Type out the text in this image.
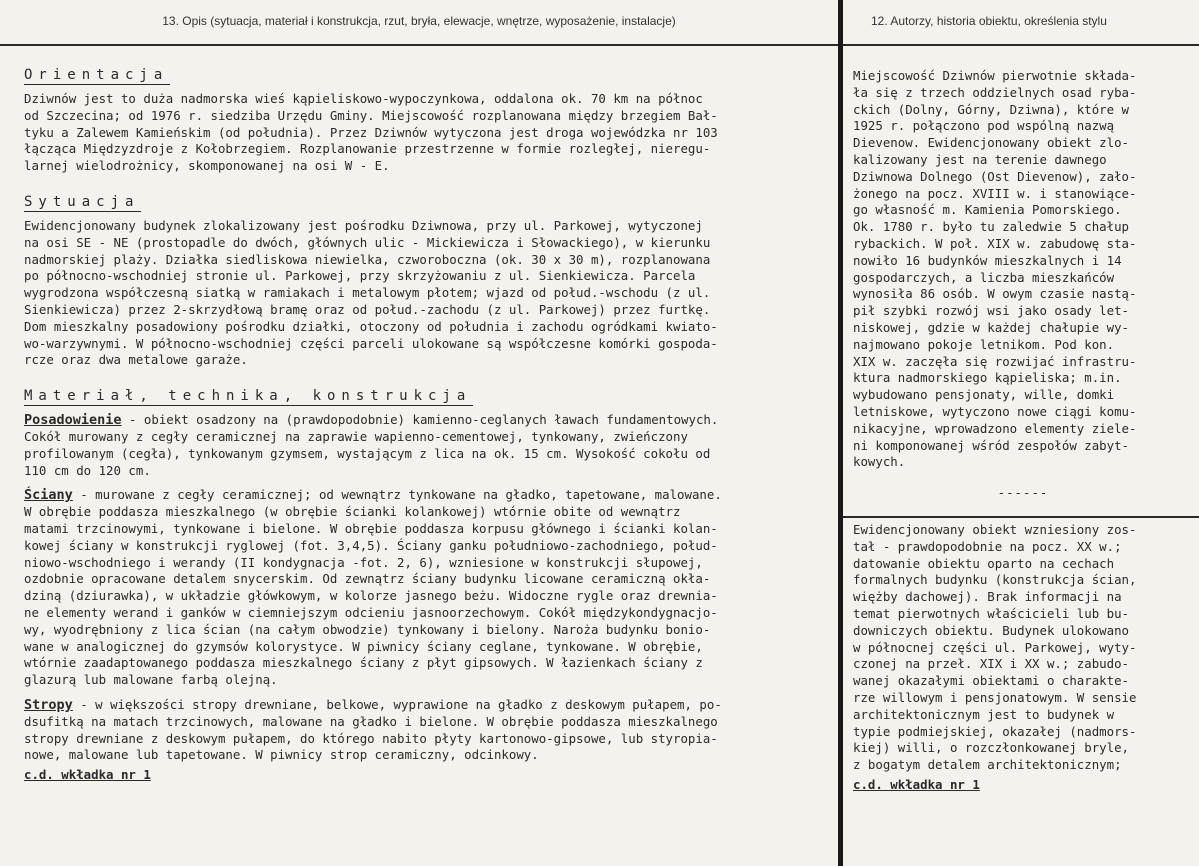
13. Opis (sytuacja, materiał i konstrukcja, rzut, bryła, elewacje, wnętrze, wyposażenie, instalacje)
Orientacja

Dziwnów jest to duża nadmorska wieś kąpieliskowo-wypoczynkowa, oddalona ok. 70 km na północ
od Szczecina; od 1976 r. siedziba Urzędu Gminy. Miejscowość rozplanowana między brzegiem Bał-
tyku a Zalewem Kamieńskim (od południa). Przez Dziwnów wytyczona jest droga wojewódzka nr 103
łącząca Międzyzdroje z Kołobrzegiem. Rozplanowanie przestrzenne w formie rozległej, nieregu-
larnej wielodrożnicy, skomponowanej na osi W - E.

Sytuacja

Ewidencjonowany budynek zlokalizowany jest pośrodku Dziwnowa, przy ul. Parkowej, wytyczonej
na osi SE - NE (prostopadle do dwóch, głównych ulic - Mickiewicza i Słowackiego), w kierunku
nadmorskiej plaży. Działka siedliskowa niewielka, czworoboczna (ok. 30 x 30 m), rozplanowana
po północno-wschodniej stronie ul. Parkowej, przy skrzyżowaniu z ul. Sienkiewicza. Parcela
wygrodzona współczesną siatką w ramiakach i metalowym płotem; wjazd od połud.-wschodu (z ul.
Sienkiewicza) przez 2-skrzydłową bramę oraz od połud.-zachodu (z ul. Parkowej) przez furtkę.
Dom mieszkalny posadowiony pośrodku działki, otoczony od południa i zachodu ogródkami kwiato-
wo-warzywnymi. W północno-wschodniej części parceli ulokowane są współczesne komórki gospoda-
rcze oraz dwa metalowe garaże.

Materiał, technika, konstrukcja

Posadowienie - obiekt osadzony na (prawdopodobnie) kamienno-ceglanych ławach fundamentowych.
Cokół murowany z cegły ceramicznej na zaprawie wapienno-cementowej, tynkowany, zwieńczony
profilowanym (cegła), tynkowanym gzymsem, wystającym z lica na ok. 15 cm. Wysokość cokołu od
110 cm do 120 cm.

Ściany - murowane z cegły ceramicznej; od wewnątrz tynkowane na gładko, tapetowane, malowane.
W obrębie poddasza mieszkalnego (w obrębie ścianki kolankowej) wtórnie obite od wewnątrz
matami trzcinowymi, tynkowane i bielone. W obrębie poddasza korpusu głównego i ścianki kolan-
kowej ściany w konstrukcji ryglowej (fot. 3,4,5). Ściany ganku południowo-zachodniego, połud-
niowo-wschodniego i werandy (II kondygnacja -fot. 2, 6), wzniesione w konstrukcji słupowej,
ozdobnie opracowane detalem snycerskim. Od zewnątrz ściany budynku licowane ceramiczną okła-
dziną (dziurawka), w układzie główkowym, w kolorze jasnego beżu. Widoczne rygle oraz drewnia-
ne elementy werand i ganków w ciemniejszym odcieniu jasnoorzechowym. Cokół międzykondygnacjo-
wy, wyodrębniony z lica ścian (na całym obwodzie) tynkowany i bielony. Naroża budynku bonio-
wane w analogicznej do gzymsów kolorystyce. W piwnicy ściany ceglane, tynkowane. W obrębie,
wtórnie zaadaptowanego poddasza mieszkalnego ściany z płyt gipsowych. W łazienkach ściany z
glazurą lub malowane farbą olejną.

Stropy - w większości stropy drewniane, belkowe, wyprawione na gładko z deskowym pułapem, po-
dsufitką na matach trzcinowych, malowane na gładko i bielone. W obrębie poddasza mieszkalnego
stropy drewniane z deskowym pułapem, do którego nabito płyty kartonowo-gipsowe, lub styropia-
nowe, malowane lub tapetowane. W piwnicy strop ceramiczny, odcinkowy.

c.d. wkładka nr 1
12. Autorzy, historia obiektu, określenia stylu

Miejscowość Dziwnów pierwotnie składa-
ła się z trzech oddzielnych osad ryba-
ckich (Dolny, Górny, Dziwna), które w
1925 r. połączono pod wspólną nazwą
Dievenow. Ewidencjonowany obiekt zlo-
kalizowany jest na terenie dawnego
Dziwnowa Dolnego (Ost Dievenow), zało-
żonego na pocz. XVIII w. i stanowiące-
go własność m. Kamienia Pomorskiego.
Ok. 1780 r. było tu zaledwie 5 chałup
rybackich. W poł. XIX w. zabudowę sta-
nowiło 16 budynków mieszkalnych i 14
gospodarczych, a liczba mieszkańców
wynosiła 86 osób. W owym czasie nastą-
pił szybki rozwój wsi jako osady let-
niskowej, gdzie w każdej chałupie wy-
najmowano pokoje letnikom. Pod kon.
XIX w. zaczęła się rozwijać infrastru-
ktura nadmorskiego kąpieliska; m.in.
wybudowano pensjonaty, wille, domki
letniskowe, wytyczono nowe ciągi komu-
nikacyjne, wprowadzono elementy ziele-
ni komponowanej wśród zespołów zabyt-
kowych.

------

Ewidencjonowany obiekt wzniesiony zos-
tał - prawdopodobnie na pocz. XX w.;
datowanie obiektu oparto na cechach
formalnych budynku (konstrukcja ścian,
więżby dachowej). Brak informacji na
temat pierwotnych właścicieli lub bu-
downiczych obiektu. Budynek ulokowano
w północnej części ul. Parkowej, wyty-
czonej na przeł. XIX i XX w.; zabudo-
wanej okazałymi obiektami o charakte-
rze willowym i pensjonatowym. W sensie
architektonicznym jest to budynek w
typie podmiejskiej, okazałej (nadmors-
kiej) willi, o rozczłonkowanej bryle,
z bogatym detalem architektonicznym;

c.d. wkładka nr 1
